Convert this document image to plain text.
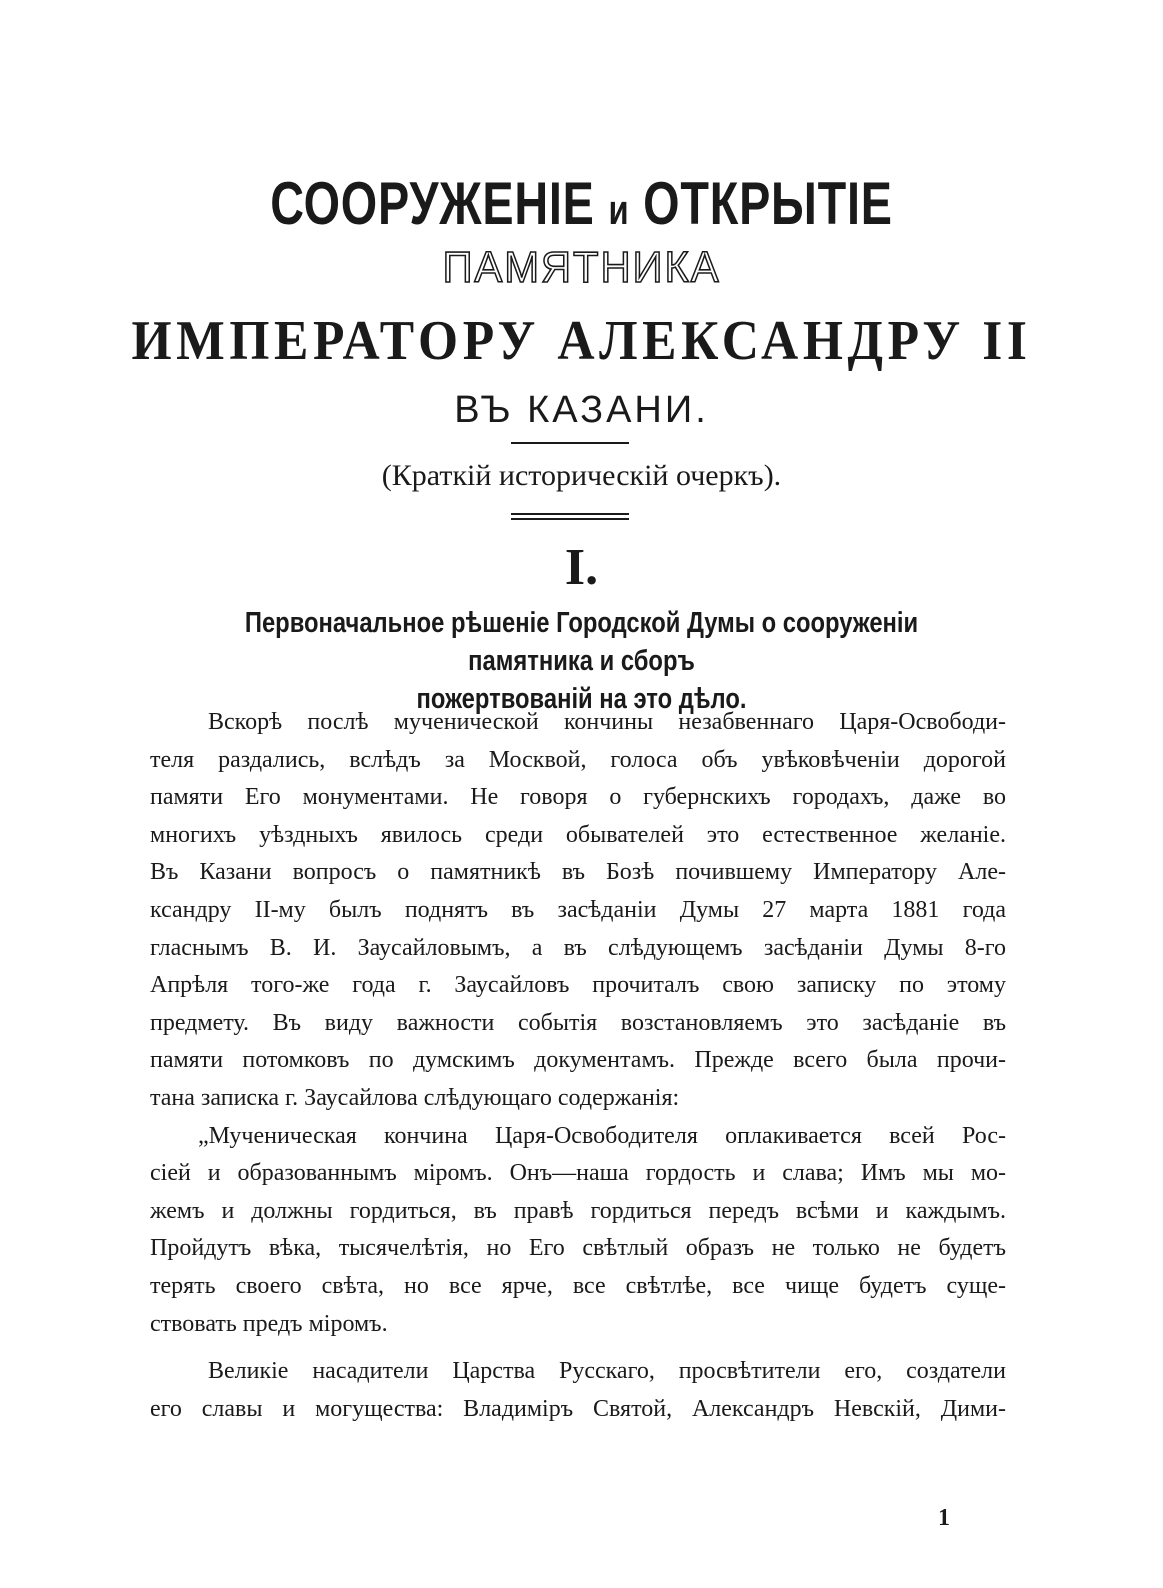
СООРУЖЕНІЕ и ОТКРЫТІЕ
ПАМЯТНИКА
ИМПЕРАТОРУ АЛЕКСАНДРУ II
ВЪ КАЗАНИ.
(Краткій историческій очеркъ).
I.
Первоначальное рѣшеніе Городской Думы о сооруженіи памятника и сборъ
пожертвованій на это дѣло.
Вскорѣ послѣ мученической кончины незабвеннаго Царя-Освободи-
теля раздались, вслѣдъ за Москвой, голоса объ увѣковѣченіи дорогой
памяти Его монументами. Не говоря о губернскихъ городахъ, даже во
многихъ уѣздныхъ явилось среди обывателей это естественное желаніе.
Въ Казани вопросъ о памятникѣ въ Бозѣ почившему Императору Але-
ксандру II-му былъ поднятъ въ засѣданіи Думы 27 марта 1881 года
гласнымъ В. И. Заусайловымъ, а въ слѣдующемъ засѣданіи Думы 8-го
Апрѣля того-же года г. Заусайловъ прочиталъ свою записку по этому
предмету. Въ виду важности событія возстановляемъ это засѣданіе въ
памяти потомковъ по думскимъ документамъ. Прежде всего была прочи-
тана записка г. Заусайлова слѣдующаго содержанія:
„Мученическая кончина Царя-Освободителя оплакивается всей Рос-
сіей и образованнымъ міромъ. Онъ—наша гордость и слава; Имъ мы мо-
жемъ и должны гордиться, въ правѣ гордиться передъ всѣми и каждымъ.
Пройдутъ вѣка, тысячелѣтія, но Его свѣтлый образъ не только не будетъ
терять своего свѣта, но все ярче, все свѣтлѣе, все чище будетъ суще-
ствовать предъ міромъ.
Великіе насадители Царства Русскаго, просвѣтители его, создатели
его славы и могущества: Владиміръ Святой, Александръ Невскій, Дими-
1
